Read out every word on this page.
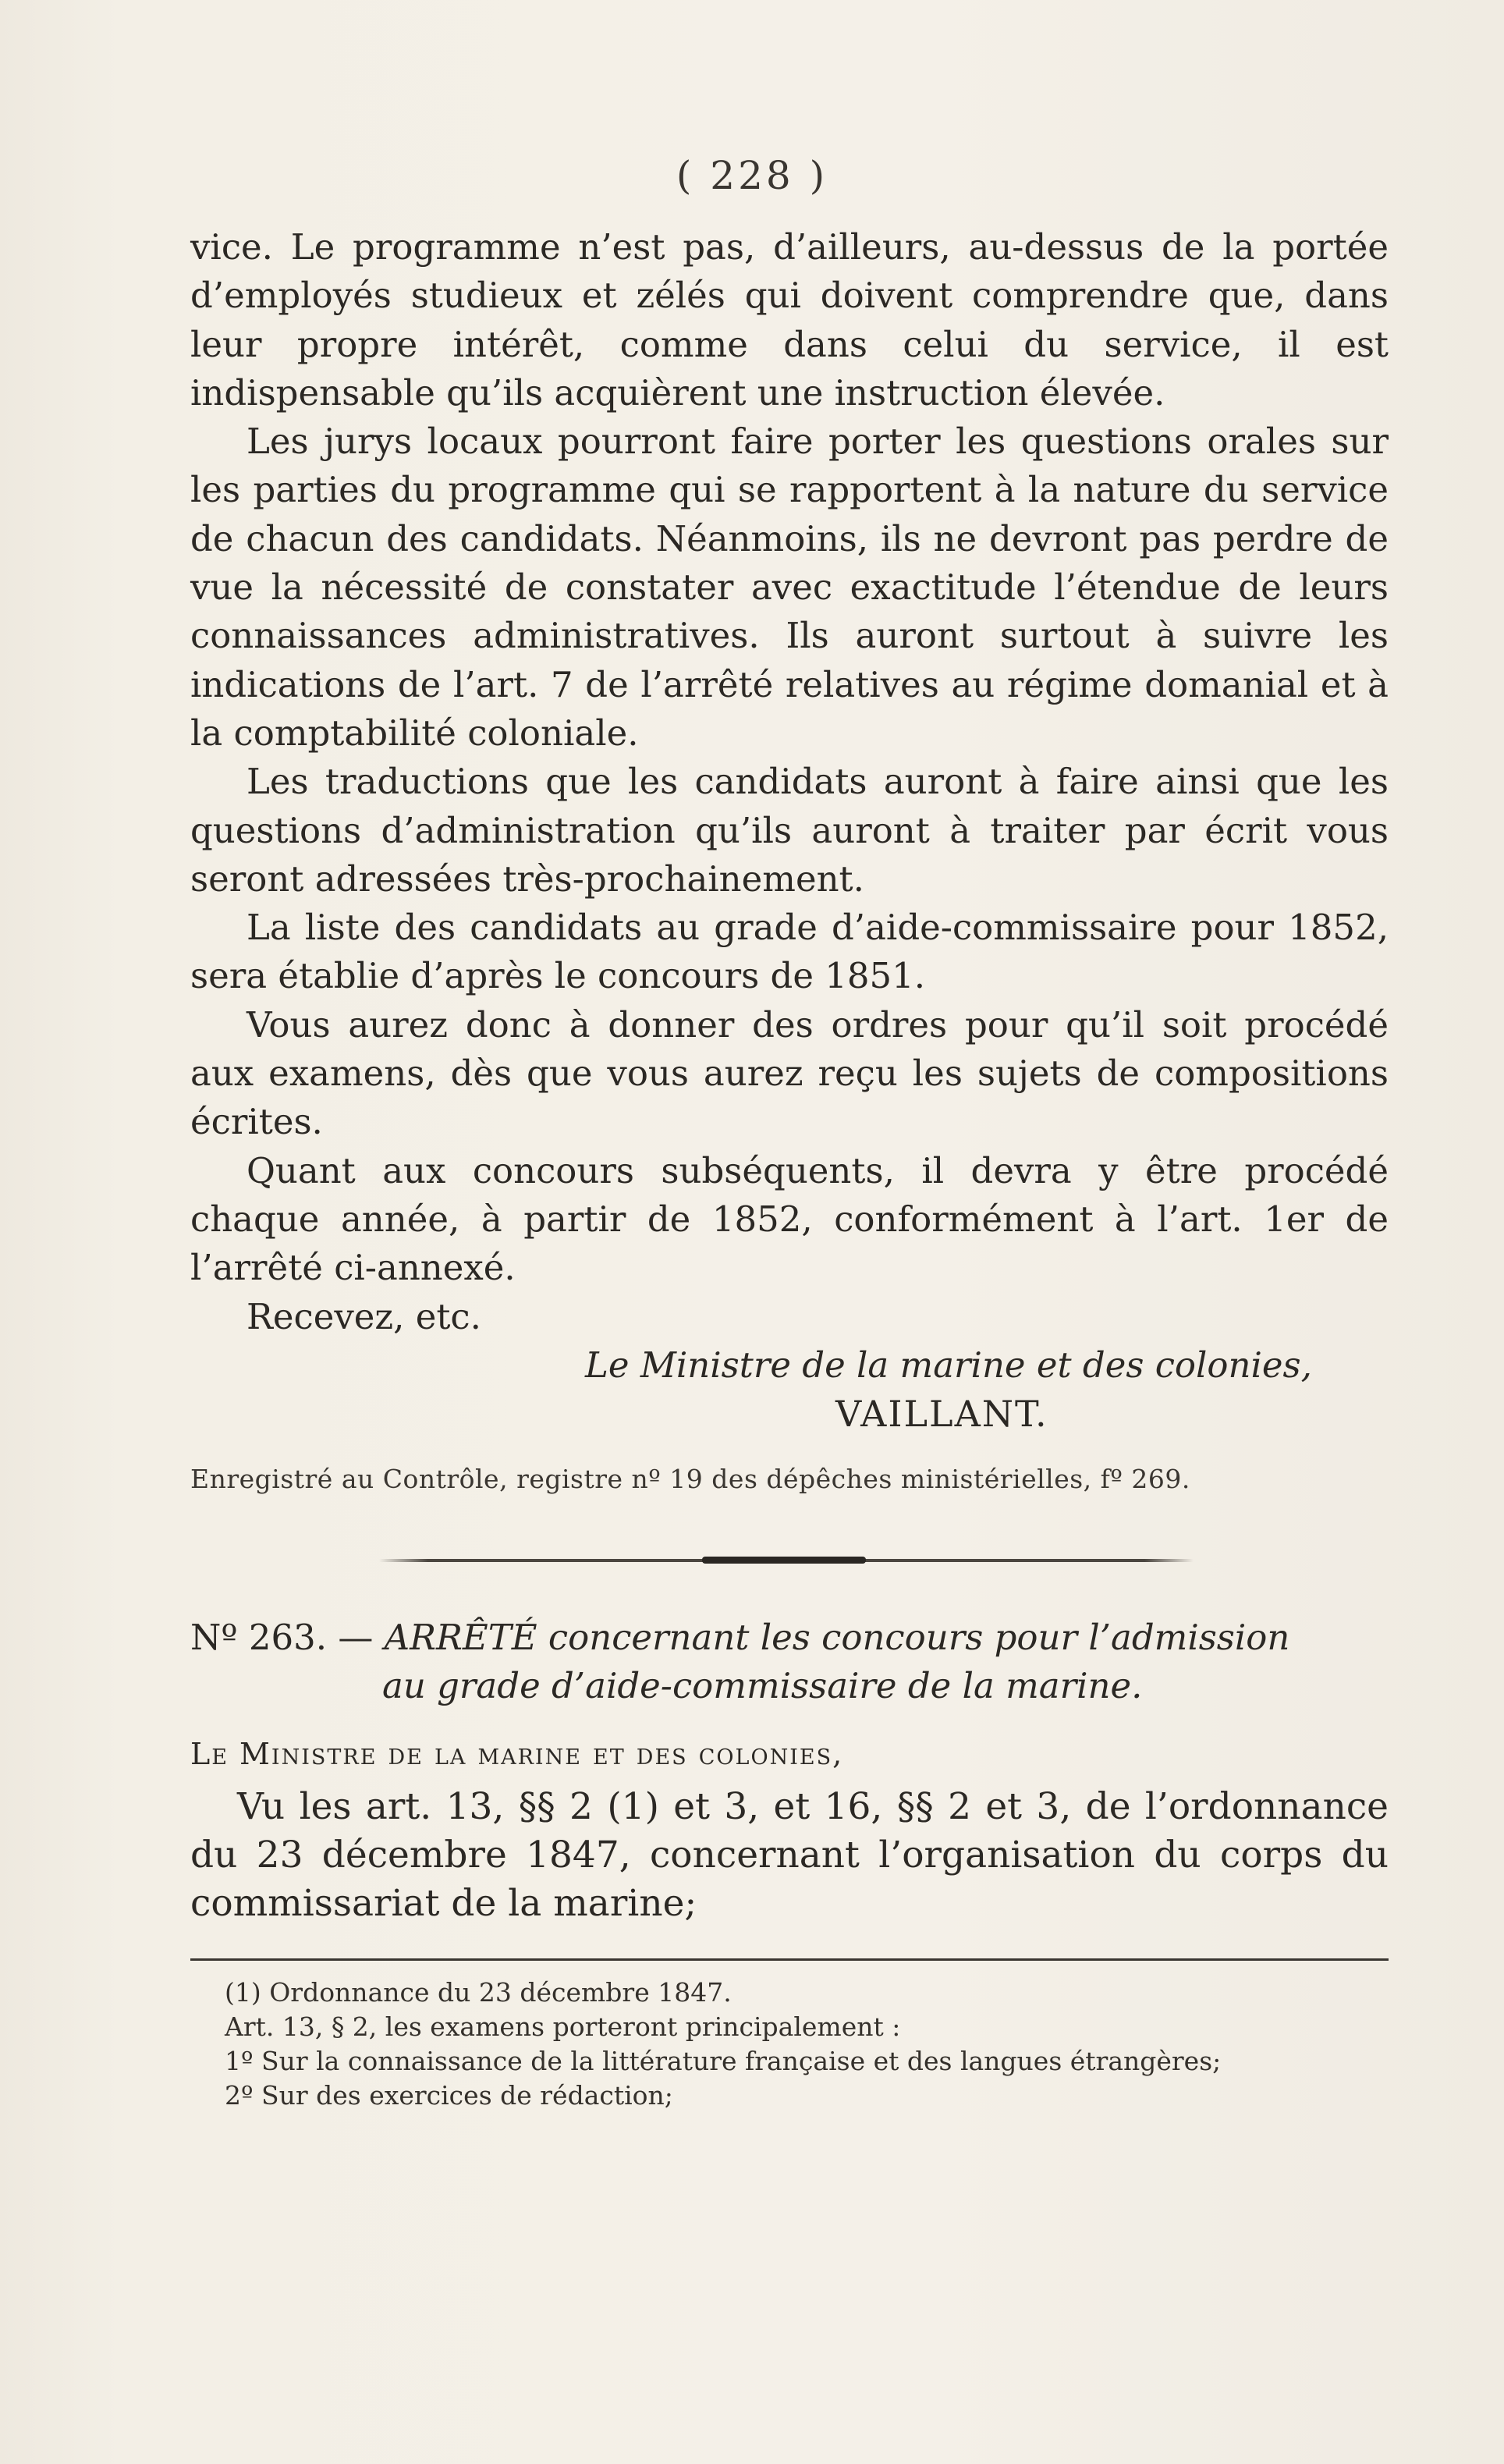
( 228 )

vice. Le programme n’est pas, d’ailleurs, au-dessus de la portée d’employés studieux et zélés qui doivent comprendre que, dans leur propre intérêt, comme dans celui du service, il est indispensable qu’ils acquièrent une instruction élevée.

Les jurys locaux pourront faire porter les questions orales sur les parties du programme qui se rapportent à la nature du service de chacun des candidats. Néanmoins, ils ne devront pas perdre de vue la nécessité de constater avec exactitude l’étendue de leurs connaissances administratives. Ils auront surtout à suivre les indications de l’art. 7 de l’arrêté relatives au régime domanial et à la comptabilité coloniale.

Les traductions que les candidats auront à faire ainsi que les questions d’administration qu’ils auront à traiter par écrit vous seront adressées très-prochainement.

La liste des candidats au grade d’aide-commissaire pour 1852, sera établie d’après le concours de 1851.

Vous aurez donc à donner des ordres pour qu’il soit procédé aux examens, dès que vous aurez reçu les sujets de compositions écrites.

Quant aux concours subséquents, il devra y être procédé chaque année, à partir de 1852, conformément à l’art. 1er de l’arrêté ci-annexé.

Recevez, etc.

Le Ministre de la marine et des colonies,

VAILLANT.

Enregistré au Contrôle, registre nº 19 des dépêches ministérielles, fº 269.

Nº 263. — ARRÊTÉ concernant les concours pour l’admission

au grade d’aide-commissaire de la marine.

Le Ministre de la marine et des colonies,

Vu les art. 13, §§ 2 (1) et 3, et 16, §§ 2 et 3, de l’ordonnance du 23 décembre 1847, concernant l’organisation du corps du commissariat de la marine;

(1) Ordonnance du 23 décembre 1847.

Art. 13, § 2, les examens porteront principalement :

1º Sur la connaissance de la littérature française et des langues étrangères;

2º Sur des exercices de rédaction;
